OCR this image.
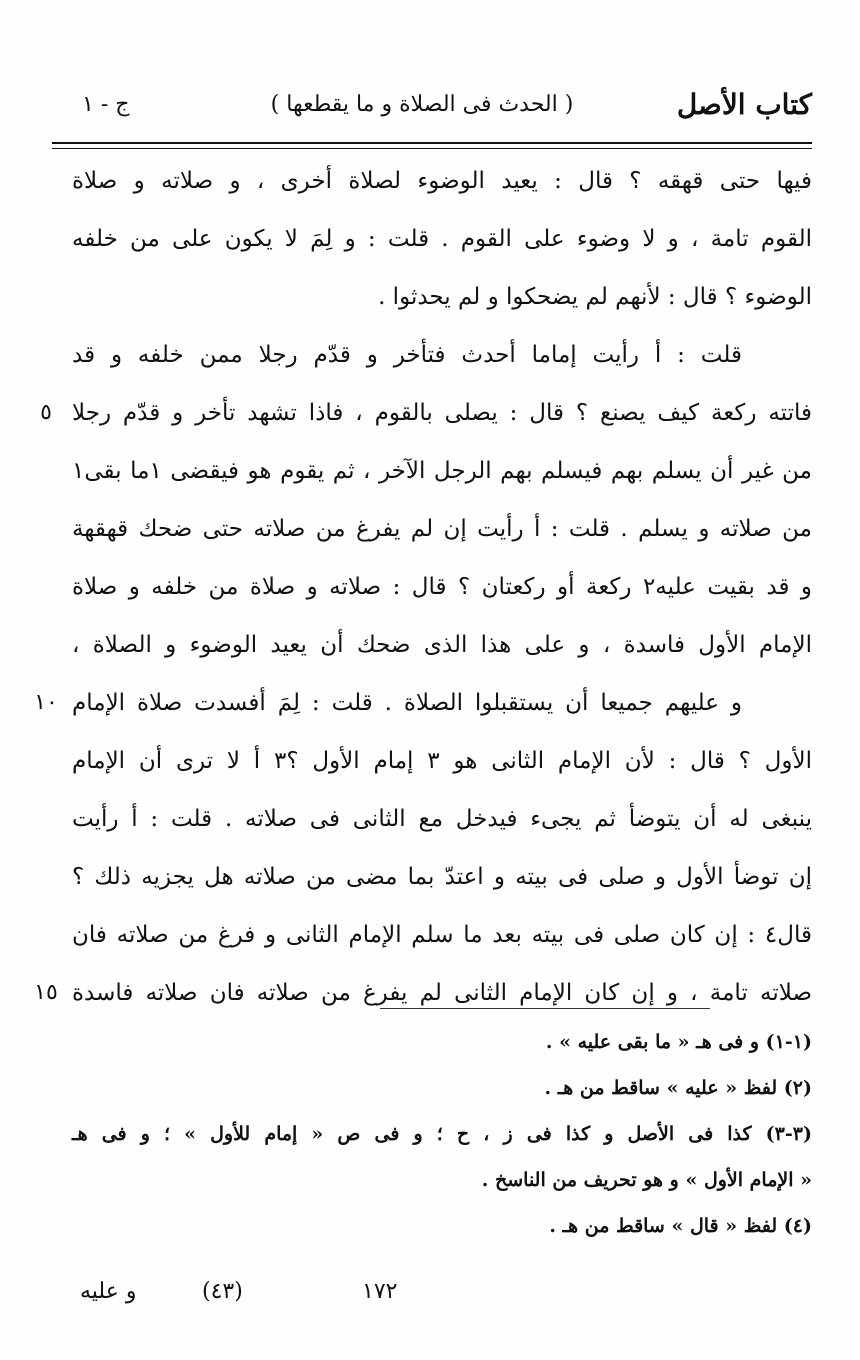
كتاب الأصل
( الحدث فى الصلاة و ما يقطعها )
ج - ١
فيها حتى قهقه ؟ قال : يعيد الوضوء لصلاة أخرى ، و صلاته و صلاة
القوم تامة ، و لا وضوء على القوم . قلت : و لِمَ لا يكون على من خلفه
الوضوء ؟ قال : لأنهم لم يضحكوا و لم يحدثوا .
قلت : أ رأيت إماما أحدث فتأخر و قدّم رجلا ممن خلفه و قد
فاتته ركعة كيف يصنع ؟ قال : يصلى بالقوم ، فاذا تشهد تأخر و قدّم رجلا
من غير أن يسلم بهم فيسلم بهم الرجل الآخر ، ثم يقوم هو فيقضى ١ما بقى١
من صلاته و يسلم . قلت : أ رأيت إن لم يفرغ من صلاته حتى ضحك قهقهة
و قد بقيت عليه٢ ركعة أو ركعتان ؟ قال : صلاته و صلاة من خلفه و صلاة
الإمام الأول فاسدة ، و على هذا الذى ضحك أن يعيد الوضوء و الصلاة ،
و عليهم جميعا أن يستقبلوا الصلاة . قلت : لِمَ أفسدت صلاة الإمام
الأول ؟ قال : لأن الإمام الثانى هو ٣ إمام الأول ؟٣ أ لا ترى أن الإمام
ينبغى له أن يتوضأ ثم يجىء فيدخل مع الثانى فى صلاته . قلت : أ رأيت
إن توضأ الأول و صلى فى بيته و اعتدّ بما مضى من صلاته هل يجزيه ذلك ؟
قال٤ : إن كان صلى فى بيته بعد ما سلم الإمام الثانى و فرغ من صلاته فان
صلاته تامة ، و إن كان الإمام الثانى لم يفرغ من صلاته فان صلاته فاسدة
٥
١٠
١٥
(١-١) و فى هـ « ما بقى عليه » .
(٢) لفظ « عليه » ساقط من هـ .
(٣-٣) كذا فى الأصل و كذا فى ز ، ح ؛ و فى ص « إمام للأول » ؛ و فى هـ
« الإمام الأول » و هو تحريف من الناسخ .
(٤) لفظ « قال » ساقط من هـ .
و عليه	(٤٣)	١٧٢
